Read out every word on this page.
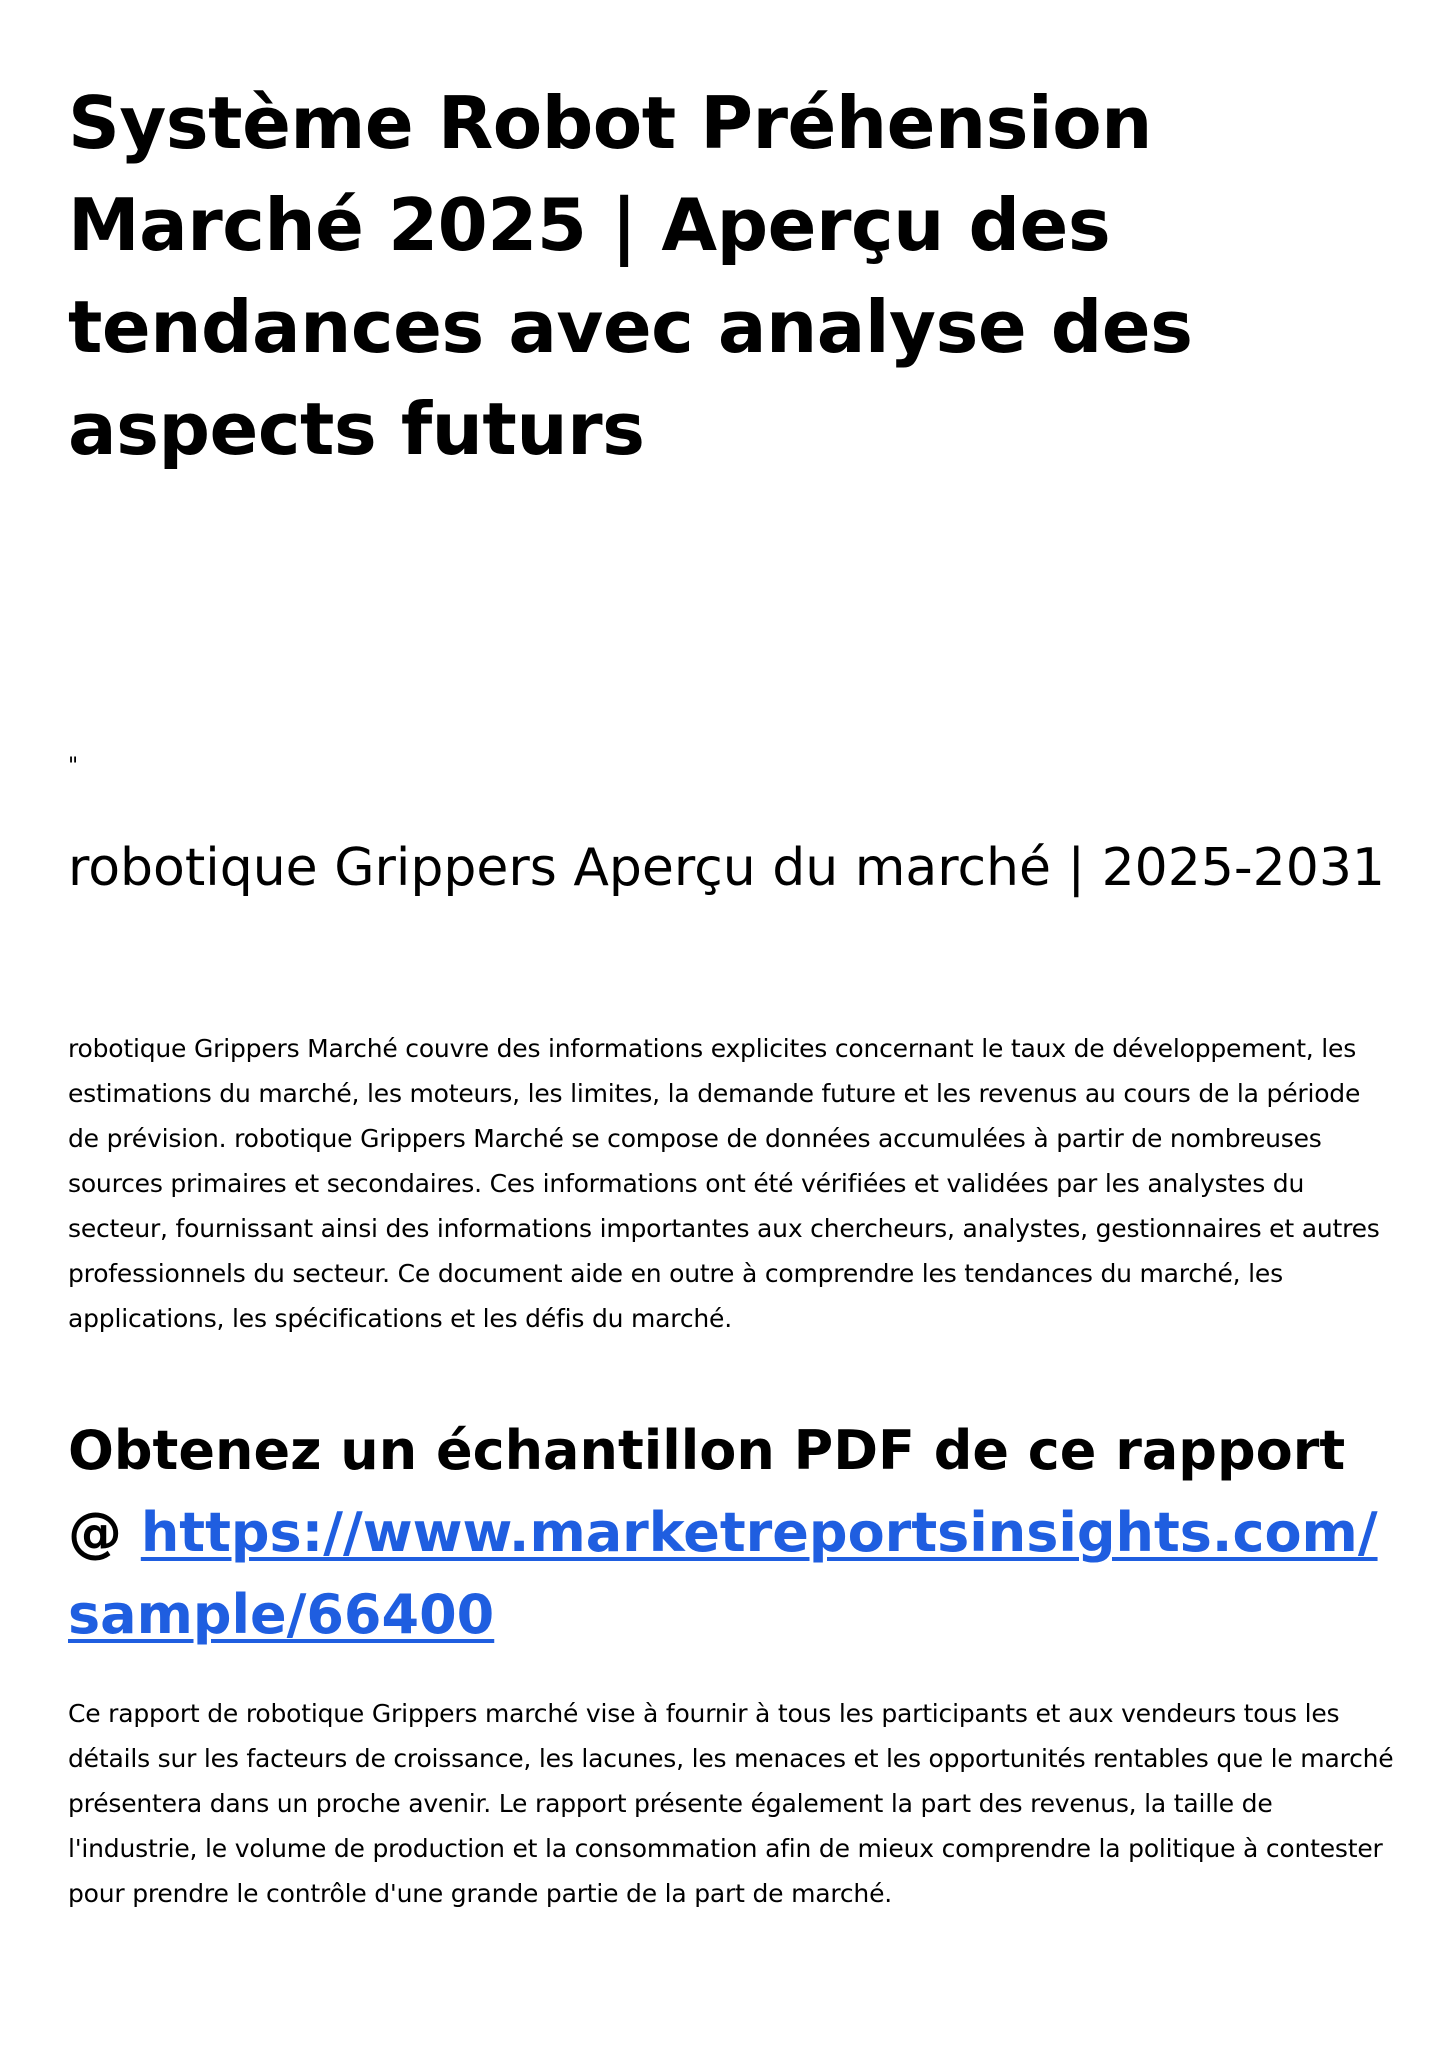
Système Robot Préhension Marché 2025 | Aperçu des tendances avec analyse des aspects futurs
"
robotique Grippers Aperçu du marché | 2025-2031

robotique Grippers Marché couvre des informations explicites concernant le taux de développement, les estimations du marché, les moteurs, les limites, la demande future et les revenus au cours de la période de prévision. robotique Grippers Marché se compose de données accumulées à partir de nombreuses sources primaires et secondaires. Ces informations ont été vérifiées et validées par les analystes du secteur, fournissant ainsi des informations importantes aux chercheurs, analystes, gestionnaires et autres professionnels du secteur. Ce document aide en outre à comprendre les tendances du marché, les applications, les spécifications et les défis du marché.

Obtenez un échantillon PDF de ce rapport @ https://www.marketreportsinsights.com/sample/66400

Ce rapport de robotique Grippers marché vise à fournir à tous les participants et aux vendeurs tous les détails sur les facteurs de croissance, les lacunes, les menaces et les opportunités rentables que le marché présentera dans un proche avenir. Le rapport présente également la part des revenus, la taille de l'industrie, le volume de production et la consommation afin de mieux comprendre la politique à contester pour prendre le contrôle d'une grande partie de la part de marché.
